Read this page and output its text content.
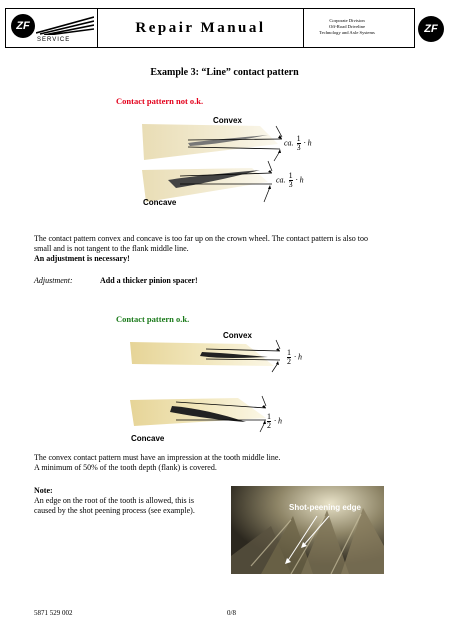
ZF
SERVICE
Repair Manual	Corporate Division
Off-Road Driveline
Technology and Axle Systems	ZF
Example 3: “Line” contact pattern
Contact pattern not o.k.
Convex
Concave
ca. $\frac{1}{3} \cdot h$
ca. $\frac{1}{3} \cdot h$
The contact pattern convex and concave is too far up on the crown wheel. The contact pattern is also too
small and is not tangent to the flank middle line.
An adjustment is necessary!
Adjustment:	Add a thicker pinion spacer!
Contact pattern o.k.
Convex
Concave
$\frac{1}{2} \cdot h$
$\frac{1}{2} \cdot h$
The convex contact pattern must have an impression at the tooth middle line.
A minimum of 50% of the tooth depth (flank) is covered.
Note:
An edge on the root of the tooth is allowed, this is
caused by the shot peening process (see example).	Shot-peening edge
5871 529 002	0/8
